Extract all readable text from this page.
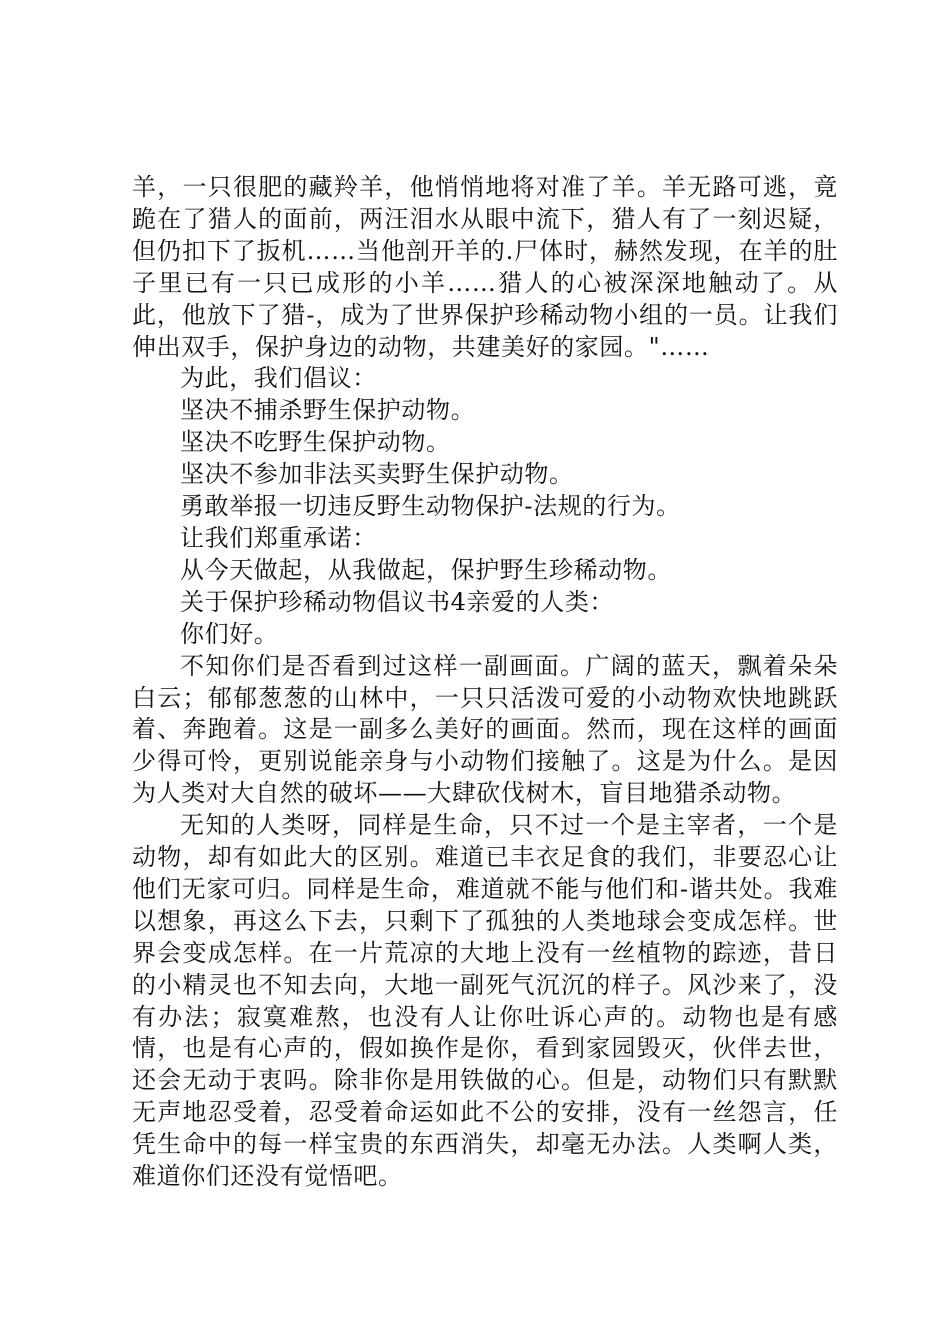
羊，一只很肥的藏羚羊，他悄悄地将对准了羊。羊无路可逃，竟跪在了猎人的面前，两汪泪水从眼中流下，猎人有了一刻迟疑，但仍扣下了扳机……当他剖开羊的.尸体时，赫然发现，在羊的肚子里已有一只已成形的小羊……猎人的心被深深地触动了。从此，他放下了猎-，成为了世界保护珍稀动物小组的一员。让我们伸出双手，保护身边的动物，共建美好的家园。"……

为此，我们倡议：

坚决不捕杀野生保护动物。

坚决不吃野生保护动物。

坚决不参加非法买卖野生保护动物。

勇敢举报一切违反野生动物保护-法规的行为。

让我们郑重承诺：

从今天做起，从我做起，保护野生珍稀动物。

关于保护珍稀动物倡议书4亲爱的人类：

你们好。

不知你们是否看到过这样一副画面。广阔的蓝天，飘着朵朵白云；郁郁葱葱的山林中，一只只活泼可爱的小动物欢快地跳跃着、奔跑着。这是一副多么美好的画面。然而，现在这样的画面少得可怜，更别说能亲身与小动物们接触了。这是为什么。是因为人类对大自然的破坏——大肆砍伐树木，盲目地猎杀动物。

无知的人类呀，同样是生命，只不过一个是主宰者，一个是动物，却有如此大的区别。难道已丰衣足食的我们，非要忍心让他们无家可归。同样是生命，难道就不能与他们和-谐共处。我难以想象，再这么下去，只剩下了孤独的人类地球会变成怎样。世界会变成怎样。在一片荒凉的大地上没有一丝植物的踪迹，昔日的小精灵也不知去向，大地一副死气沉沉的样子。风沙来了，没有办法；寂寞难熬，也没有人让你吐诉心声的。动物也是有感情，也是有心声的，假如换作是你，看到家园毁灭，伙伴去世，还会无动于衷吗。除非你是用铁做的心。但是，动物们只有默默无声地忍受着，忍受着命运如此不公的安排，没有一丝怨言，任凭生命中的每一样宝贵的东西消失，却毫无办法。人类啊人类，难道你们还没有觉悟吧。
